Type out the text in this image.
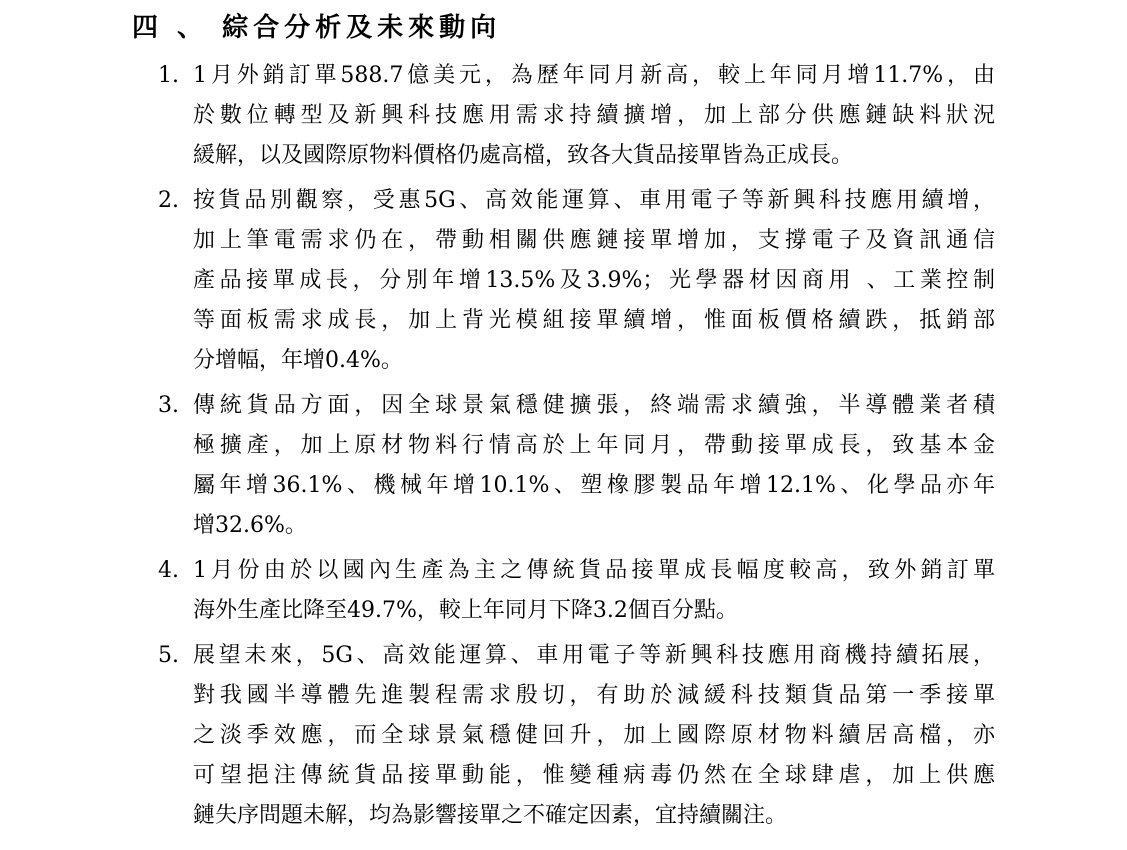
四 、 綜合分析及未來動向
1. 1月外銷訂單588.7億美元，為歷年同月新高，較上年同月增11.7%，由
於數位轉型及新興科技應用需求持續擴增，加上部分供應鏈缺料狀況
緩解，以及國際原物料價格仍處高檔，致各大貨品接單皆為正成長。
2. 按貨品別觀察，受惠5G、高效能運算、車用電子等新興科技應用續增，
加上筆電需求仍在，帶動相關供應鏈接單增加，支撐電子及資訊通信
產品接單成長，分別年增13.5%及3.9%；光學器材因商用 、工業控制
等面板需求成長，加上背光模組接單續增，惟面板價格續跌，抵銷部
分增幅，年增0.4%。
3. 傳統貨品方面，因全球景氣穩健擴張，終端需求續強，半導體業者積
極擴產，加上原材物料行情高於上年同月，帶動接單成長，致基本金
屬年增36.1%、機械年增10.1%、塑橡膠製品年增12.1%、化學品亦年
增32.6%。
4. 1月份由於以國內生產為主之傳統貨品接單成長幅度較高，致外銷訂單
海外生產比降至49.7%，較上年同月下降3.2個百分點。
5. 展望未來，5G、高效能運算、車用電子等新興科技應用商機持續拓展，
對我國半導體先進製程需求殷切，有助於減緩科技類貨品第一季接單
之淡季效應，而全球景氣穩健回升，加上國際原材物料續居高檔，亦
可望挹注傳統貨品接單動能，惟變種病毒仍然在全球肆虐，加上供應
鏈失序問題未解，均為影響接單之不確定因素，宜持續關注。
